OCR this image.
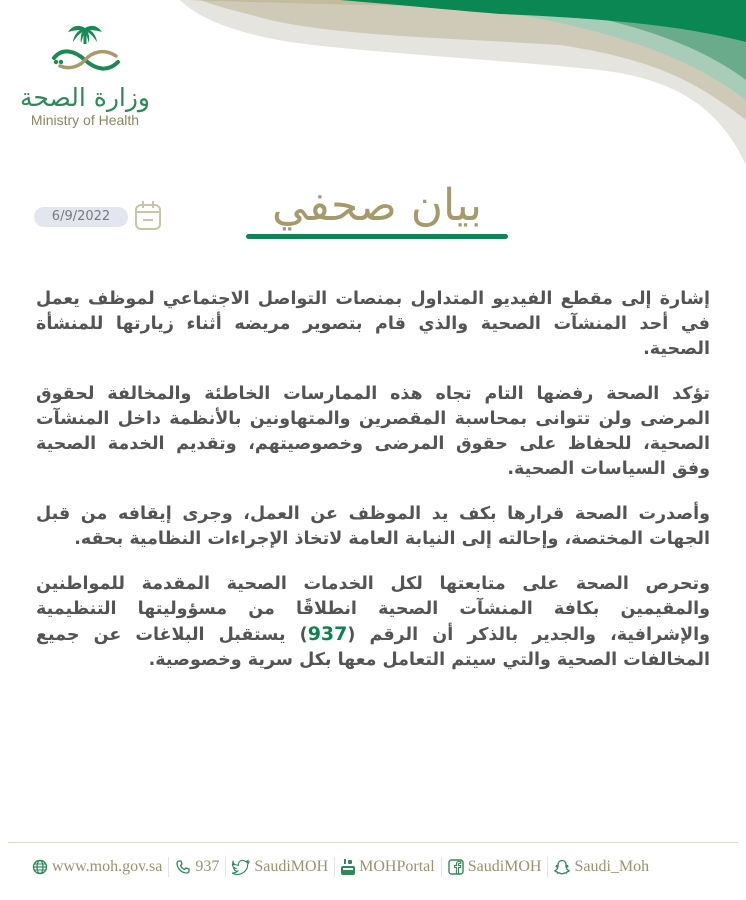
وزارة الصحة
Ministry of Health
بيان صحفي
6/9/2022

إشارة إلى مقطع الفيديو المتداول بمنصات التواصل الاجتماعي لموظف يعمل في أحد المنشآت الصحية والذي قام بتصوير مريضه أثناء زيارتها للمنشأة الصحية.

تؤكد الصحة رفضها التام تجاه هذه الممارسات الخاطئة والمخالفة لحقوق المرضى ولن تتوانى بمحاسبة المقصرين والمتهاونين بالأنظمة داخل المنشآت الصحية، للحفاظ على حقوق المرضى وخصوصيتهم، وتقديم الخدمة الصحية وفق السياسات الصحية.

وأصدرت الصحة قرارها بكف يد الموظف عن العمل، وجرى إيقافه من قبل الجهات المختصة، وإحالته إلى النيابة العامة لاتخاذ الإجراءات النظامية بحقه.

وتحرص الصحة على متابعتها لكل الخدمات الصحية المقدمة للمواطنين والمقيمين بكافة المنشآت الصحية انطلاقًا من مسؤوليتها التنظيمية والإشرافية، والجدير بالذكر أن الرقم (937) يستقبل البلاغات عن جميع المخالفات الصحية والتي سيتم التعامل معها بكل سرية وخصوصية.

www.moh.gov.sa 937 SaudiMOH MOHPortal SaudiMOH Saudi_Moh
